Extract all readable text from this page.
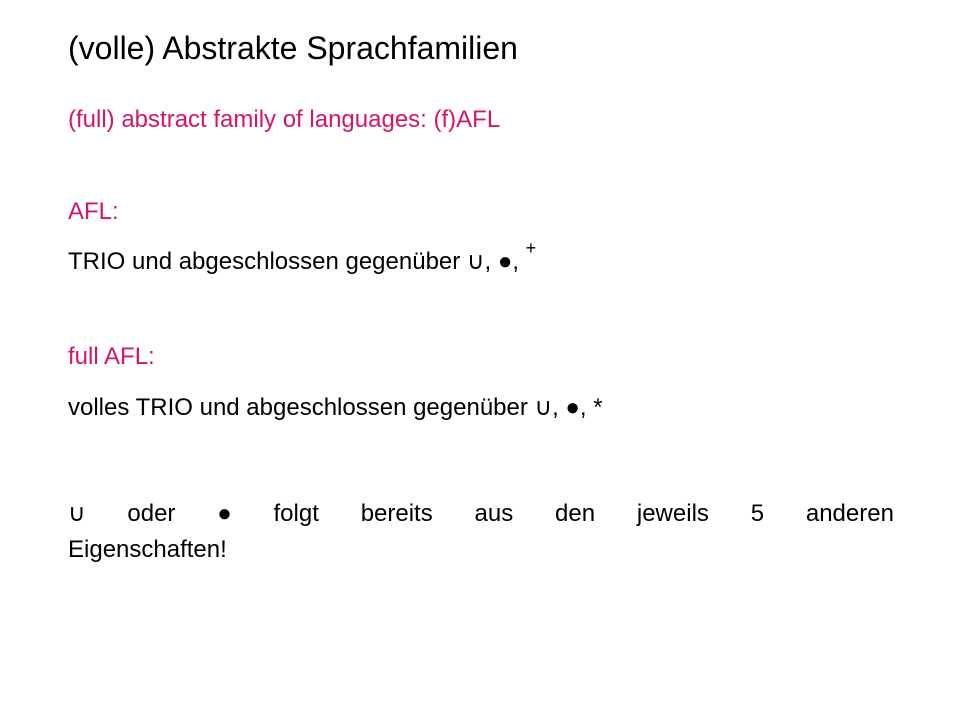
(volle) Abstrakte Sprachfamilien
(full) abstract family of languages: (f)AFL
AFL:
TRIO und abgeschlossen gegenüber ∪, ●, +
full AFL:
volles TRIO und abgeschlossen gegenüber ∪, ●, *
∪ oder ● folgt bereits aus den jeweils 5 anderen
Eigenschaften!
